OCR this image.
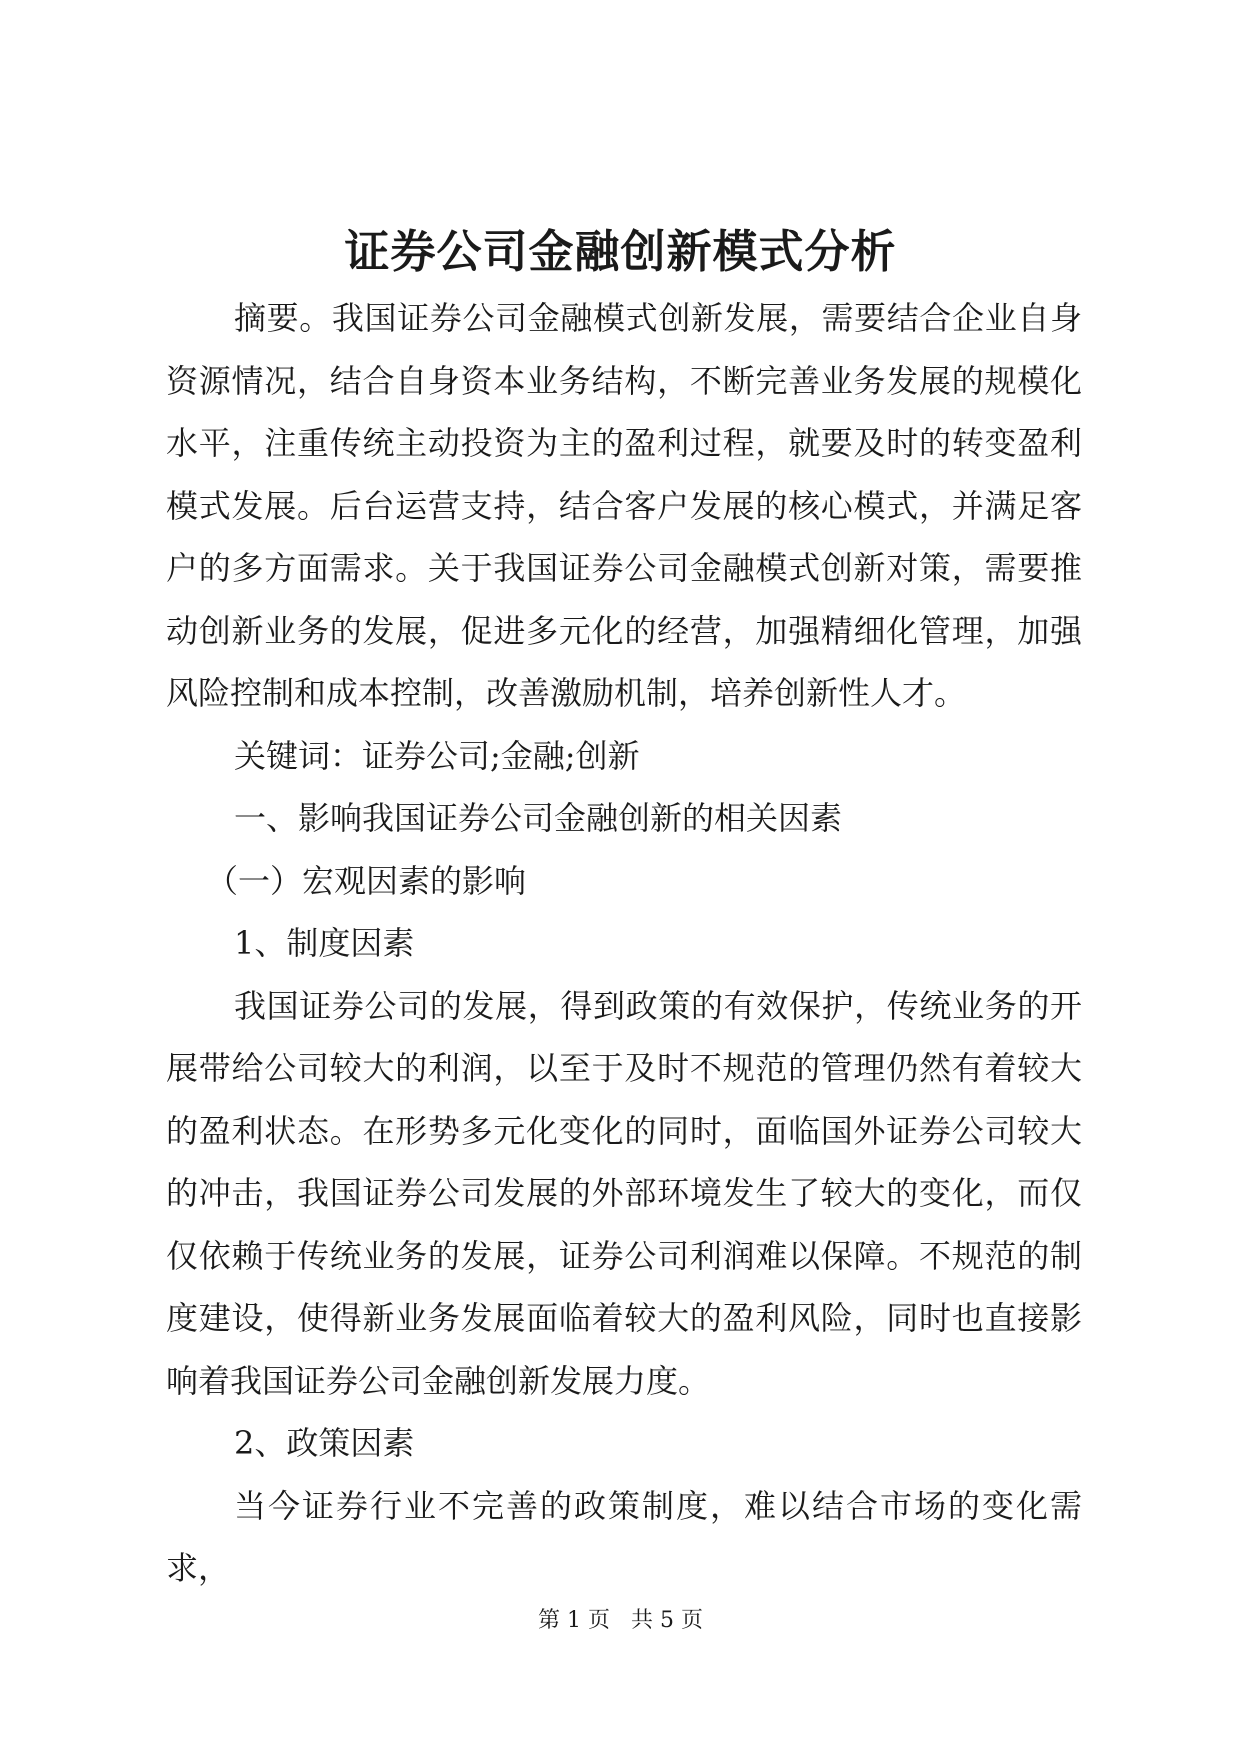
证券公司金融创新模式分析

摘要。我国证券公司金融模式创新发展，需要结合企业自身资源情况，结合自身资本业务结构，不断完善业务发展的规模化水平，注重传统主动投资为主的盈利过程，就要及时的转变盈利模式发展。后台运营支持，结合客户发展的核心模式，并满足客户的多方面需求。关于我国证券公司金融模式创新对策，需要推动创新业务的发展，促进多元化的经营，加强精细化管理，加强风险控制和成本控制，改善激励机制，培养创新性人才。

关键词：证券公司;金融;创新

一、影响我国证券公司金融创新的相关因素

（一）宏观因素的影响

1、制度因素

我国证券公司的发展，得到政策的有效保护，传统业务的开展带给公司较大的利润，以至于及时不规范的管理仍然有着较大的盈利状态。在形势多元化变化的同时，面临国外证券公司较大的冲击，我国证券公司发展的外部环境发生了较大的变化，而仅仅依赖于传统业务的发展，证券公司利润难以保障。不规范的制度建设，使得新业务发展面临着较大的盈利风险，同时也直接影响着我国证券公司金融创新发展力度。

2、政策因素

当今证券行业不完善的政策制度，难以结合市场的变化需求，

第 1 页   共 5 页
